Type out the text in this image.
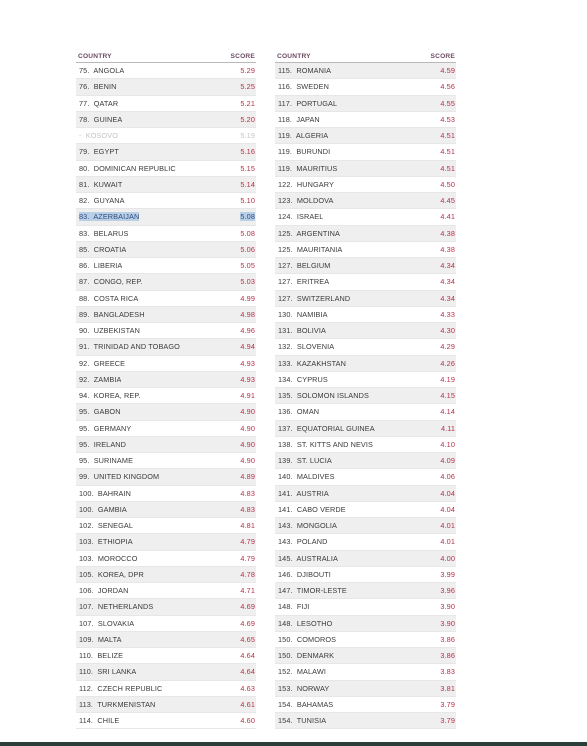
COUNTRY	SCORE
75. ANGOLA	5.29
76. BENIN	5.25
77. QATAR	5.21
78. GUINEA	5.20
- KOSOVO	5.19
79. EGYPT	5.16
80. DOMINICAN REPUBLIC	5.15
81. KUWAIT	5.14
82. GUYANA	5.10
83. AZERBAIJAN	5.08
83. BELARUS	5.08
85. CROATIA	5.06
86. LIBERIA	5.05
87. CONGO, REP.	5.03
88. COSTA RICA	4.99
89. BANGLADESH	4.98
90. UZBEKISTAN	4.96
91. TRINIDAD AND TOBAGO	4.94
92. GREECE	4.93
92. ZAMBIA	4.93
94. KOREA, REP.	4.91
95. GABON	4.90
95. GERMANY	4.90
95. IRELAND	4.90
95. SURINAME	4.90
99. UNITED KINGDOM	4.89
100. BAHRAIN	4.83
100. GAMBIA	4.83
102. SENEGAL	4.81
103. ETHIOPIA	4.79
103. MOROCCO	4.79
105. KOREA, DPR	4.78
106. JORDAN	4.71
107. NETHERLANDS	4.69
107. SLOVAKIA	4.69
109. MALTA	4.65
110. BELIZE	4.64
110. SRI LANKA	4.64
112. CZECH REPUBLIC	4.63
113. TURKMENISTAN	4.61
114. CHILE	4.60
COUNTRY	SCORE
115. ROMANIA	4.59
116. SWEDEN	4.56
117. PORTUGAL	4.55
118. JAPAN	4.53
119. ALGERIA	4.51
119. BURUNDI	4.51
119. MAURITIUS	4.51
122. HUNGARY	4.50
123. MOLDOVA	4.45
124. ISRAEL	4.41
125. ARGENTINA	4.38
125. MAURITANIA	4.38
127. BELGIUM	4.34
127. ERITREA	4.34
127. SWITZERLAND	4.34
130. NAMIBIA	4.33
131. BOLIVIA	4.30
132. SLOVENIA	4.29
133. KAZAKHSTAN	4.26
134. CYPRUS	4.19
135. SOLOMON ISLANDS	4.15
136. OMAN	4.14
137. EQUATORIAL GUINEA	4.11
138. ST. KITTS AND NEVIS	4.10
139. ST. LUCIA	4.09
140. MALDIVES	4.06
141. AUSTRIA	4.04
141. CABO VERDE	4.04
143. MONGOLIA	4.01
143. POLAND	4.01
145. AUSTRALIA	4.00
146. DJIBOUTI	3.99
147. TIMOR-LESTE	3.96
148. FIJI	3.90
148. LESOTHO	3.90
150. COMOROS	3.86
150. DENMARK	3.86
152. MALAWI	3.83
153. NORWAY	3.81
154. BAHAMAS	3.79
154. TUNISIA	3.79
